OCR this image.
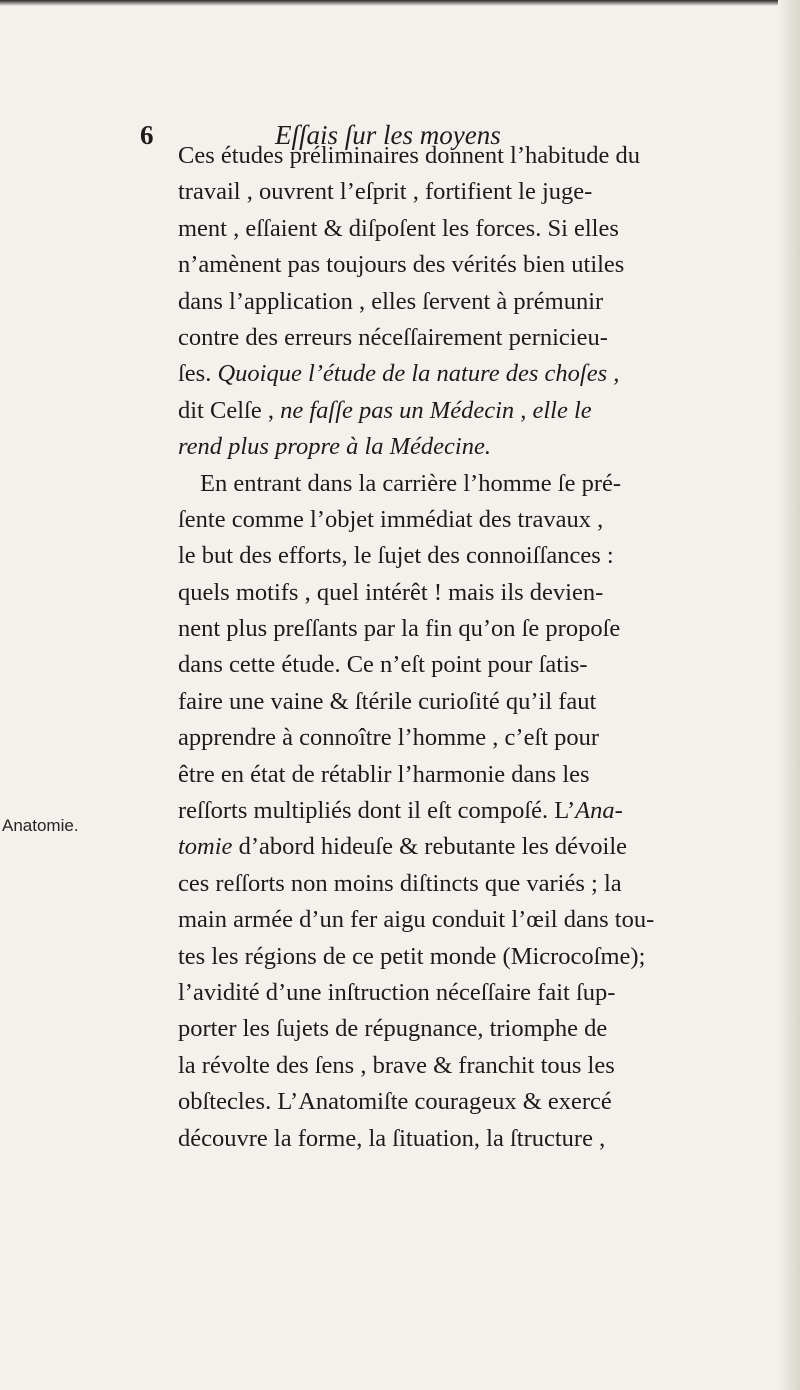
6	Eſſais ſur les moyens
Anatomie.
Ces études préliminaires donnent l’habitude du
travail , ouvrent l’eſprit , fortifient le juge-
ment , eſſaient & diſpoſent les forces. Si elles
n’amènent pas toujours des vérités bien utiles
dans l’application , elles ſervent à prémunir
contre des erreurs néceſſairement pernicieu-
ſes. Quoique l’étude de la nature des choſes ,
dit Celſe , ne faſſe pas un Médecin , elle le
rend plus propre à la Médecine.
En entrant dans la carrière l’homme ſe pré-
ſente comme l’objet immédiat des travaux ,
le but des efforts, le ſujet des connoiſſances :
quels motifs , quel intérêt ! mais ils devien-
nent plus preſſants par la fin qu’on ſe propoſe
dans cette étude. Ce n’eſt point pour ſatis-
faire une vaine & ſtérile curioſité qu’il faut
apprendre à connoître l’homme , c’eſt pour
être en état de rétablir l’harmonie dans les
reſſorts multipliés dont il eſt compoſé. L’Ana-
tomie d’abord hideuſe & rebutante les dévoile
ces reſſorts non moins diſtincts que variés ; la
main armée d’un fer aigu conduit l’œil dans tou-
tes les régions de ce petit monde (Microcoſme);
l’avidité d’une inſtruction néceſſaire fait ſup-
porter les ſujets de répugnance, triomphe de
la révolte des ſens , brave & franchit tous les
obſtecles. L’Anatomiſte courageux & exercé
découvre la forme, la ſituation, la ſtructure ,
